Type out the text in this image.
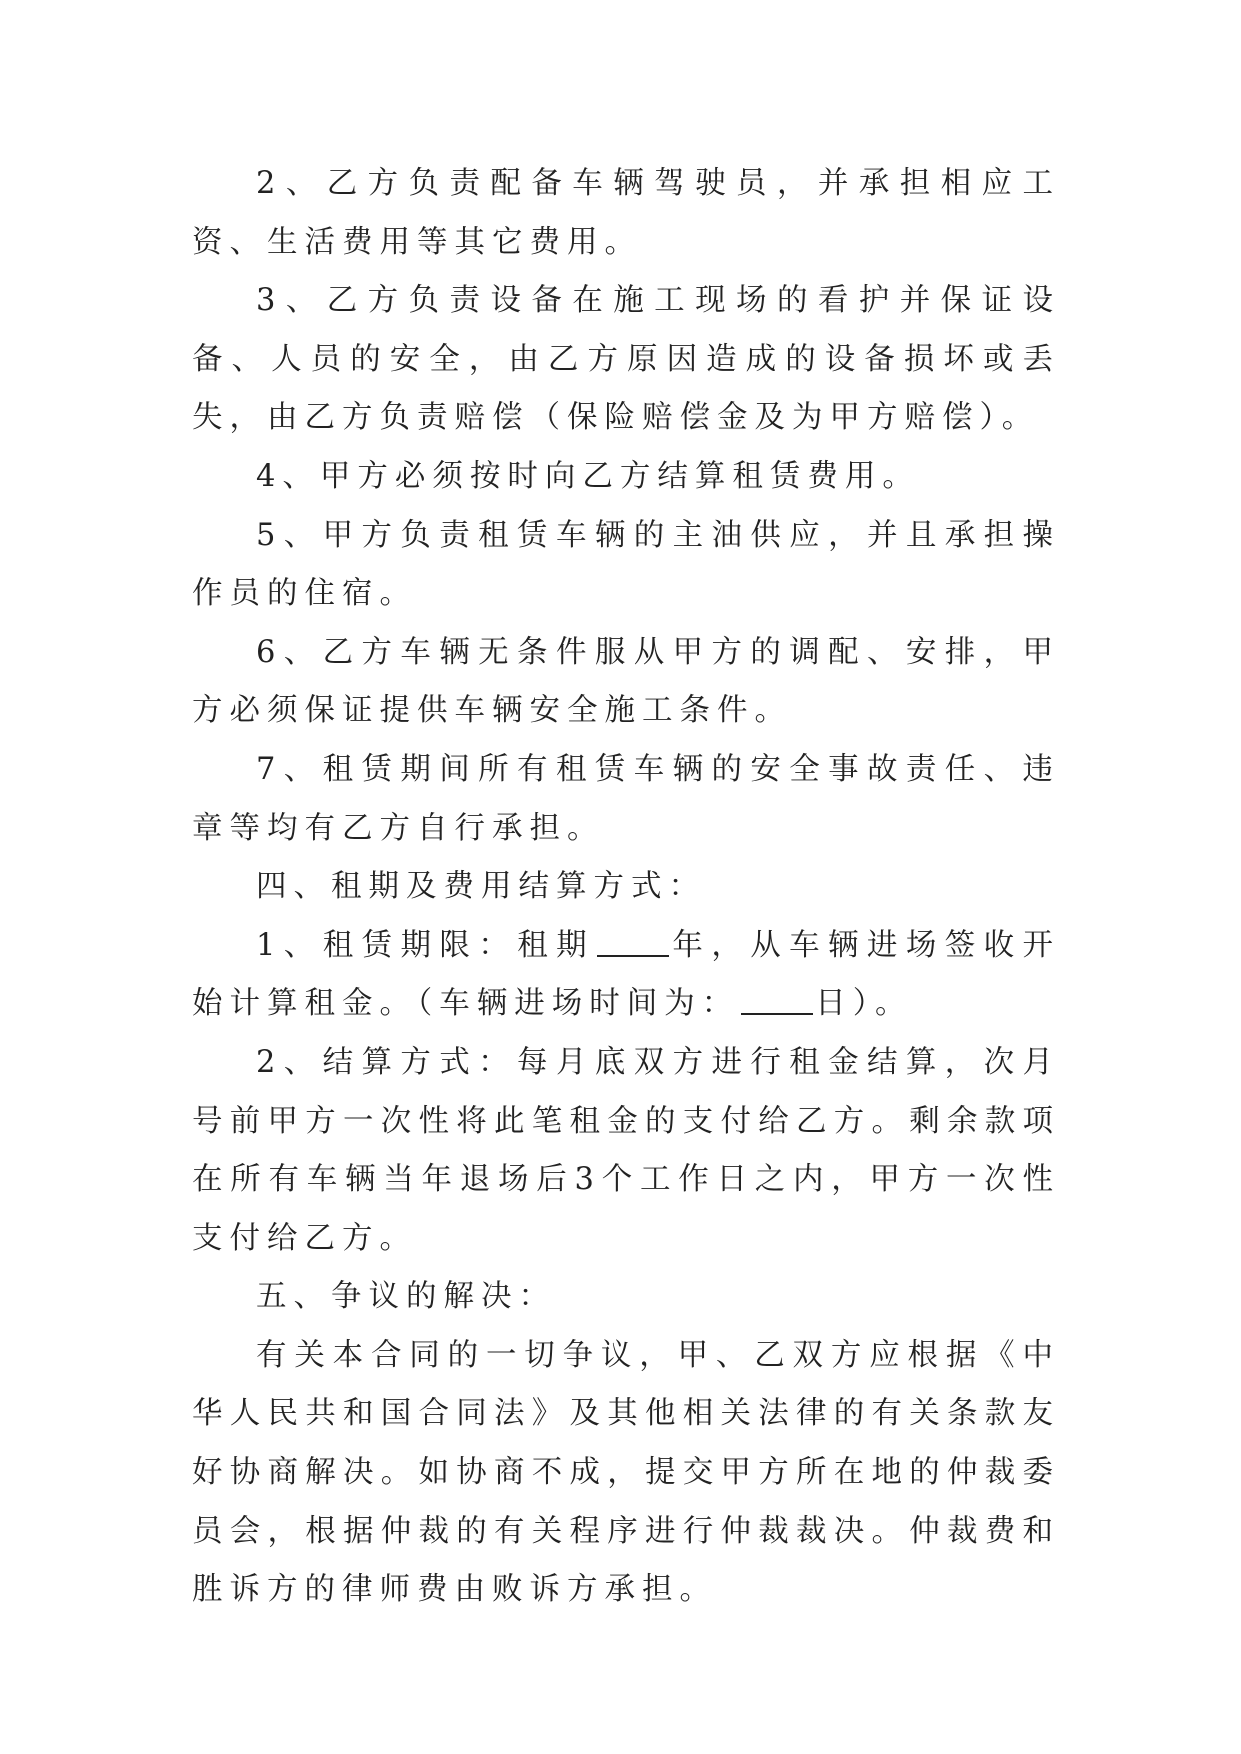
2、乙方负责配备车辆驾驶员，并承担相应工资、生活费用等其它费用。

3、乙方负责设备在施工现场的看护并保证设备、人员的安全，由乙方原因造成的设备损坏或丢失，由乙方负责赔偿（保险赔偿金及为甲方赔偿）。

4、甲方必须按时向乙方结算租赁费用。

5、甲方负责租赁车辆的主油供应，并且承担操作员的住宿。

6、乙方车辆无条件服从甲方的调配、安排，甲方必须保证提供车辆安全施工条件。

7、租赁期间所有租赁车辆的安全事故责任、违章等均有乙方自行承担。

四、租期及费用结算方式：

1、租赁期限：租期 年，从车辆进场签收开始计算租金。（车辆进场时间为： 日）。

2、结算方式：每月底双方进行租金结算，次月号前甲方一次性将此笔租金的支付给乙方。剩余款项在所有车辆当年退场后3个工作日之内，甲方一次性支付给乙方。

五、争议的解决：

有关本合同的一切争议，甲、乙双方应根据《中华人民共和国合同法》及其他相关法律的有关条款友好协商解决。如协商不成，提交甲方所在地的仲裁委员会，根据仲裁的有关程序进行仲裁裁决。仲裁费和胜诉方的律师费由败诉方承担。
